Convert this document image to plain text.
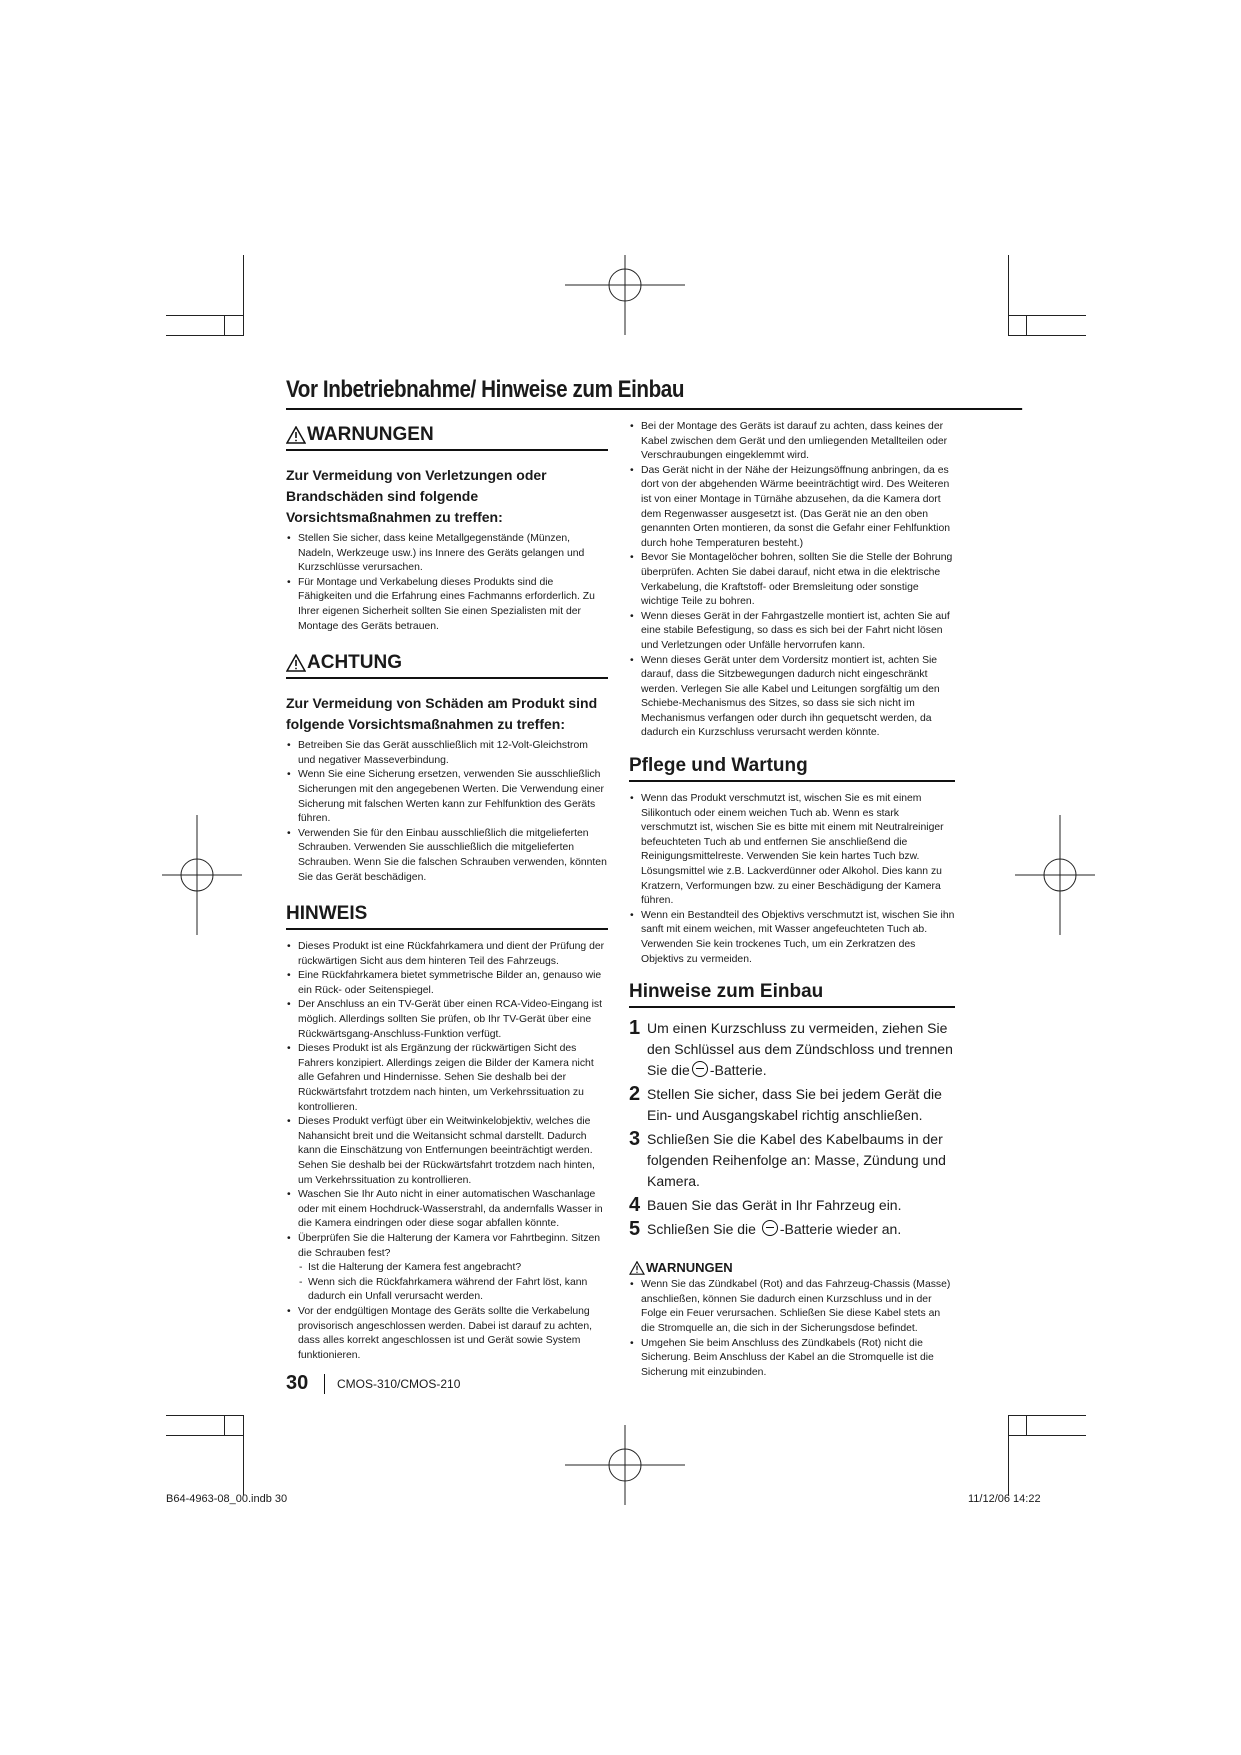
Vor Inbetriebnahme/ Hinweise zum Einbau
WARNUNGEN
Zur Vermeidung von Verletzungen oder Brandschäden sind folgende Vorsichtsmaßnahmen zu treffen:
• Stellen Sie sicher, dass keine Metallgegenstände (Münzen, Nadeln, Werkzeuge usw.) ins Innere des Geräts gelangen und Kurzschlüsse verursachen.
• Für Montage und Verkabelung dieses Produkts sind die Fähigkeiten und die Erfahrung eines Fachmanns erforderlich. Zu Ihrer eigenen Sicherheit sollten Sie einen Spezialisten mit der Montage des Geräts betrauen.
ACHTUNG
Zur Vermeidung von Schäden am Produkt sind folgende Vorsichtsmaßnahmen zu treffen:
• Betreiben Sie das Gerät ausschließlich mit 12-Volt-Gleichstrom und negativer Masseverbindung.
• Wenn Sie eine Sicherung ersetzen, verwenden Sie ausschließlich Sicherungen mit den angegebenen Werten. Die Verwendung einer Sicherung mit falschen Werten kann zur Fehlfunktion des Geräts führen.
• Verwenden Sie für den Einbau ausschließlich die mitgelieferten Schrauben. Verwenden Sie ausschließlich die mitgelieferten Schrauben. Wenn Sie die falschen Schrauben verwenden, könnten Sie das Gerät beschädigen.
HINWEIS
• Dieses Produkt ist eine Rückfahrkamera und dient der Prüfung der rückwärtigen Sicht aus dem hinteren Teil des Fahrzeugs.
• Eine Rückfahrkamera bietet symmetrische Bilder an, genauso wie ein Rück- oder Seitenspiegel.
• Der Anschluss an ein TV-Gerät über einen RCA-Video-Eingang ist möglich. Allerdings sollten Sie prüfen, ob Ihr TV-Gerät über eine Rückwärtsgang-Anschluss-Funktion verfügt.
• Dieses Produkt ist als Ergänzung der rückwärtigen Sicht des Fahrers konzipiert. Allerdings zeigen die Bilder der Kamera nicht alle Gefahren und Hindernisse. Sehen Sie deshalb bei der Rückwärtsfahrt trotzdem nach hinten, um Verkehrssituation zu kontrollieren.
• Dieses Produkt verfügt über ein Weitwinkelobjektiv, welches die Nahansicht breit und die Weitansicht schmal darstellt. Dadurch kann die Einschätzung von Entfernungen beeinträchtigt werden. Sehen Sie deshalb bei der Rückwärtsfahrt trotzdem nach hinten, um Verkehrssituation zu kontrollieren.
• Waschen Sie Ihr Auto nicht in einer automatischen Waschanlage oder mit einem Hochdruck-Wasserstrahl, da andernfalls Wasser in die Kamera eindringen oder diese sogar abfallen könnte.
• Überprüfen Sie die Halterung der Kamera vor Fahrtbeginn. Sitzen die Schrauben fest?
- Ist die Halterung der Kamera fest angebracht?
- Wenn sich die Rückfahrkamera während der Fahrt löst, kann dadurch ein Unfall verursacht werden.
• Vor der endgültigen Montage des Geräts sollte die Verkabelung provisorisch angeschlossen werden. Dabei ist darauf zu achten, dass alles korrekt angeschlossen ist und Gerät sowie System funktionieren.
• Bei der Montage des Geräts ist darauf zu achten, dass keines der Kabel zwischen dem Gerät und den umliegenden Metallteilen oder Verschraubungen eingeklemmt wird.
• Das Gerät nicht in der Nähe der Heizungsöffnung anbringen, da es dort von der abgehenden Wärme beeinträchtigt wird. Des Weiteren ist von einer Montage in Türnähe abzusehen, da die Kamera dort dem Regenwasser ausgesetzt ist. (Das Gerät nie an den oben genannten Orten montieren, da sonst die Gefahr einer Fehlfunktion durch hohe Temperaturen besteht.)
• Bevor Sie Montagelöcher bohren, sollten Sie die Stelle der Bohrung überprüfen. Achten Sie dabei darauf, nicht etwa in die elektrische Verkabelung, die Kraftstoff- oder Bremsleitung oder sonstige wichtige Teile zu bohren.
• Wenn dieses Gerät in der Fahrgastzelle montiert ist, achten Sie auf eine stabile Befestigung, so dass es sich bei der Fahrt nicht lösen und Verletzungen oder Unfälle hervorrufen kann.
• Wenn dieses Gerät unter dem Vordersitz montiert ist, achten Sie darauf, dass die Sitzbewegungen dadurch nicht eingeschränkt werden. Verlegen Sie alle Kabel und Leitungen sorgfältig um den Schiebe-Mechanismus des Sitzes, so dass sie sich nicht im Mechanismus verfangen oder durch ihn gequetscht werden, da dadurch ein Kurzschluss verursacht werden könnte.
Pflege und Wartung
• Wenn das Produkt verschmutzt ist, wischen Sie es mit einem Silikontuch oder einem weichen Tuch ab. Wenn es stark verschmutzt ist, wischen Sie es bitte mit einem mit Neutralreiniger befeuchteten Tuch ab und entfernen Sie anschließend die Reinigungsmittelreste. Verwenden Sie kein hartes Tuch bzw. Lösungsmittel wie z.B. Lackverdünner oder Alkohol. Dies kann zu Kratzern, Verformungen bzw. zu einer Beschädigung der Kamera führen.
• Wenn ein Bestandteil des Objektivs verschmutzt ist, wischen Sie ihn sanft mit einem weichen, mit Wasser angefeuchteten Tuch ab. Verwenden Sie kein trockenes Tuch, um ein Zerkratzen des Objektivs zu vermeiden.
Hinweise zum Einbau
1 Um einen Kurzschluss zu vermeiden, ziehen Sie den Schlüssel aus dem Zündschloss und trennen Sie die -Batterie.
2 Stellen Sie sicher, dass Sie bei jedem Gerät die Ein- und Ausgangskabel richtig anschließen.
3 Schließen Sie die Kabel des Kabelbaums in der folgenden Reihenfolge an: Masse, Zündung und Kamera.
4 Bauen Sie das Gerät in Ihr Fahrzeug ein.
5 Schließen Sie die -Batterie wieder an.
WARNUNGEN
• Wenn Sie das Zündkabel (Rot) and das Fahrzeug-Chassis (Masse) anschließen, können Sie dadurch einen Kurzschluss und in der Folge ein Feuer verursachen. Schließen Sie diese Kabel stets an die Stromquelle an, die sich in der Sicherungsdose befindet.
• Umgehen Sie beim Anschluss des Zündkabels (Rot) nicht die Sicherung. Beim Anschluss der Kabel an die Stromquelle ist die Sicherung mit einzubinden.
30 CMOS-310/CMOS-210
B64-4963-08_00.indb 30	11/12/06 14:22
